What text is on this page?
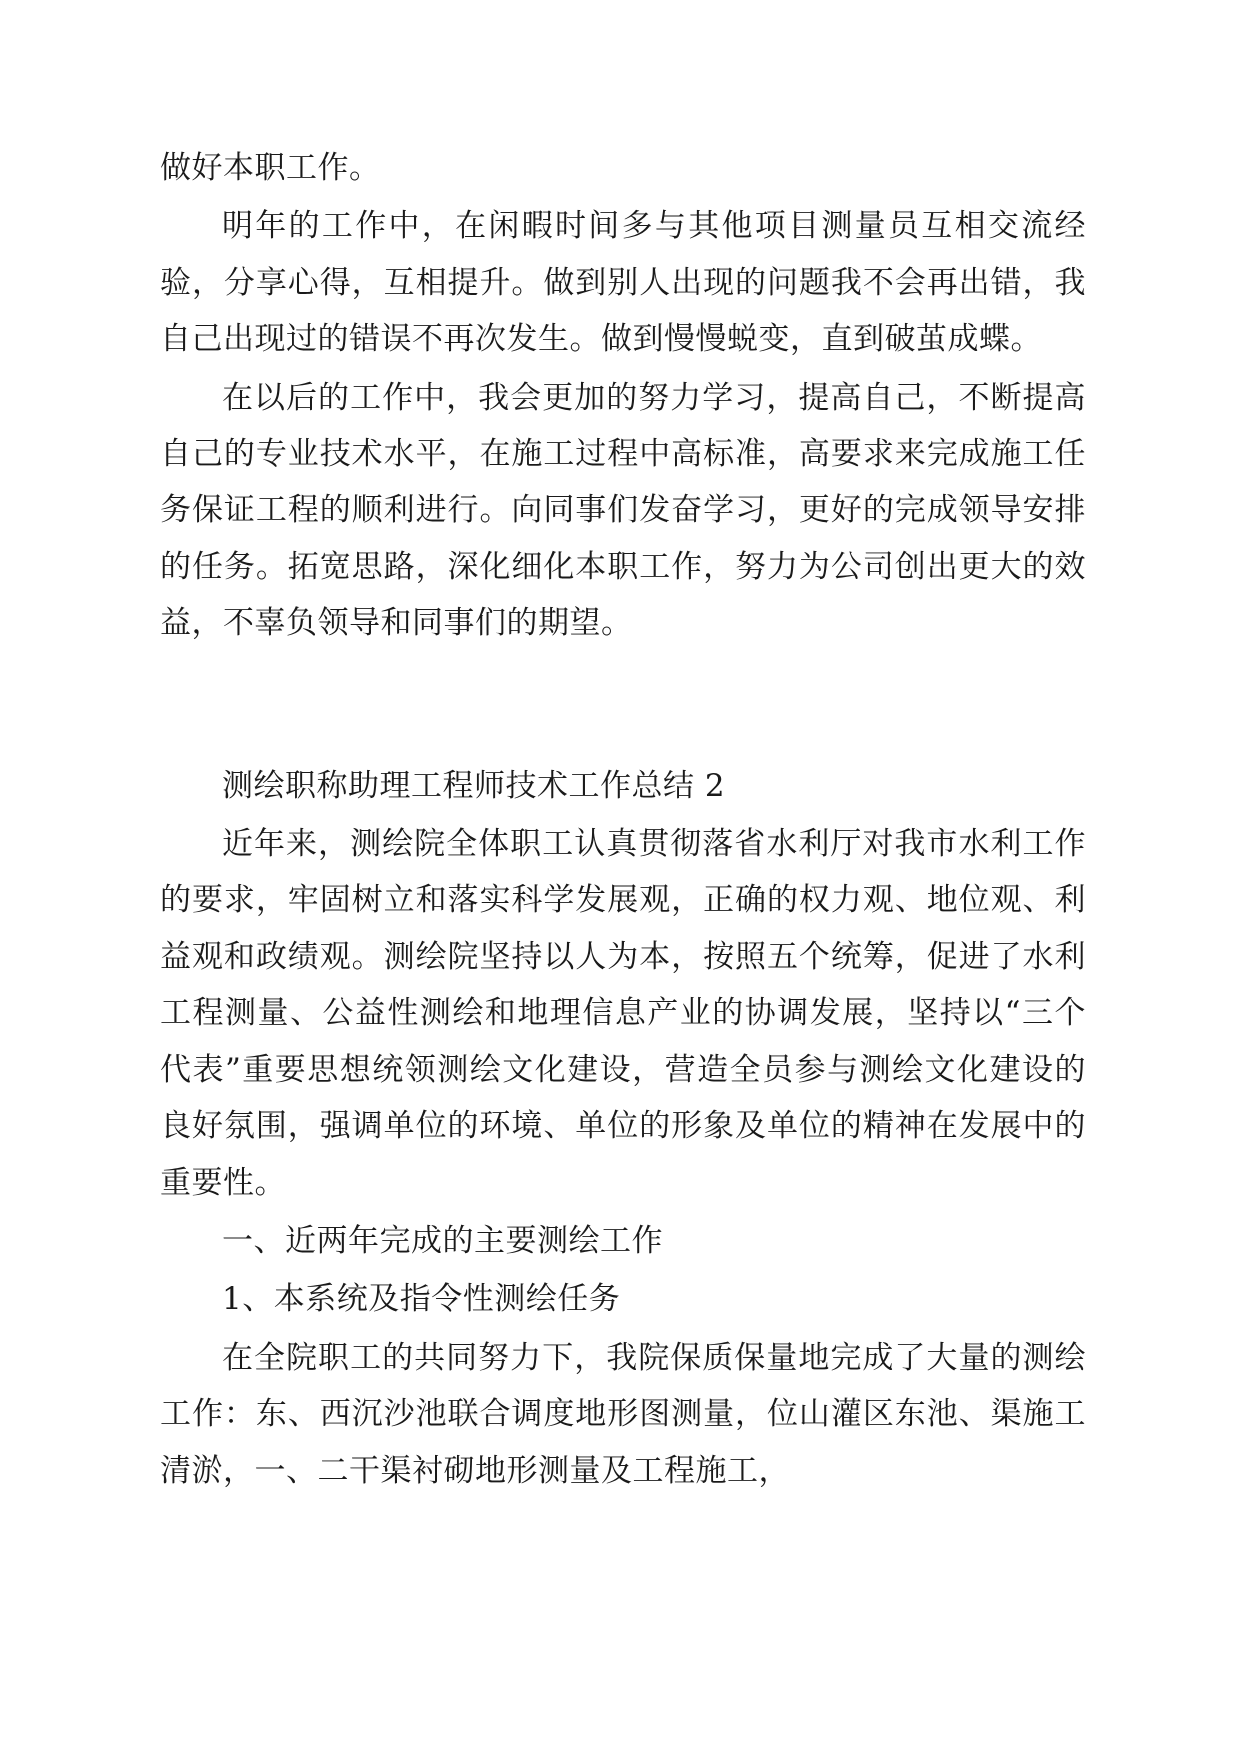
做好本职工作。

明年的工作中，在闲暇时间多与其他项目测量员互相交流经验，分享心得，互相提升。做到别人出现的问题我不会再出错，我自己出现过的错误不再次发生。做到慢慢蜕变，直到破茧成蝶。

在以后的工作中，我会更加的努力学习，提高自己，不断提高自己的专业技术水平，在施工过程中高标准，高要求来完成施工任务保证工程的顺利进行。向同事们发奋学习，更好的完成领导安排的任务。拓宽思路，深化细化本职工作，努力为公司创出更大的效益，不辜负领导和同事们的期望。

测绘职称助理工程师技术工作总结 2

近年来，测绘院全体职工认真贯彻落省水利厅对我市水利工作的要求，牢固树立和落实科学发展观，正确的权力观、地位观、利益观和政绩观。测绘院坚持以人为本，按照五个统筹，促进了水利工程测量、公益性测绘和地理信息产业的协调发展，坚持以“三个代表”重要思想统领测绘文化建设，营造全员参与测绘文化建设的良好氛围，强调单位的环境、单位的形象及单位的精神在发展中的重要性。

一、近两年完成的主要测绘工作

1、本系统及指令性测绘任务

在全院职工的共同努力下，我院保质保量地完成了大量的测绘工作：东、西沉沙池联合调度地形图测量，位山灌区东池、渠施工清淤，一、二干渠衬砌地形测量及工程施工，
